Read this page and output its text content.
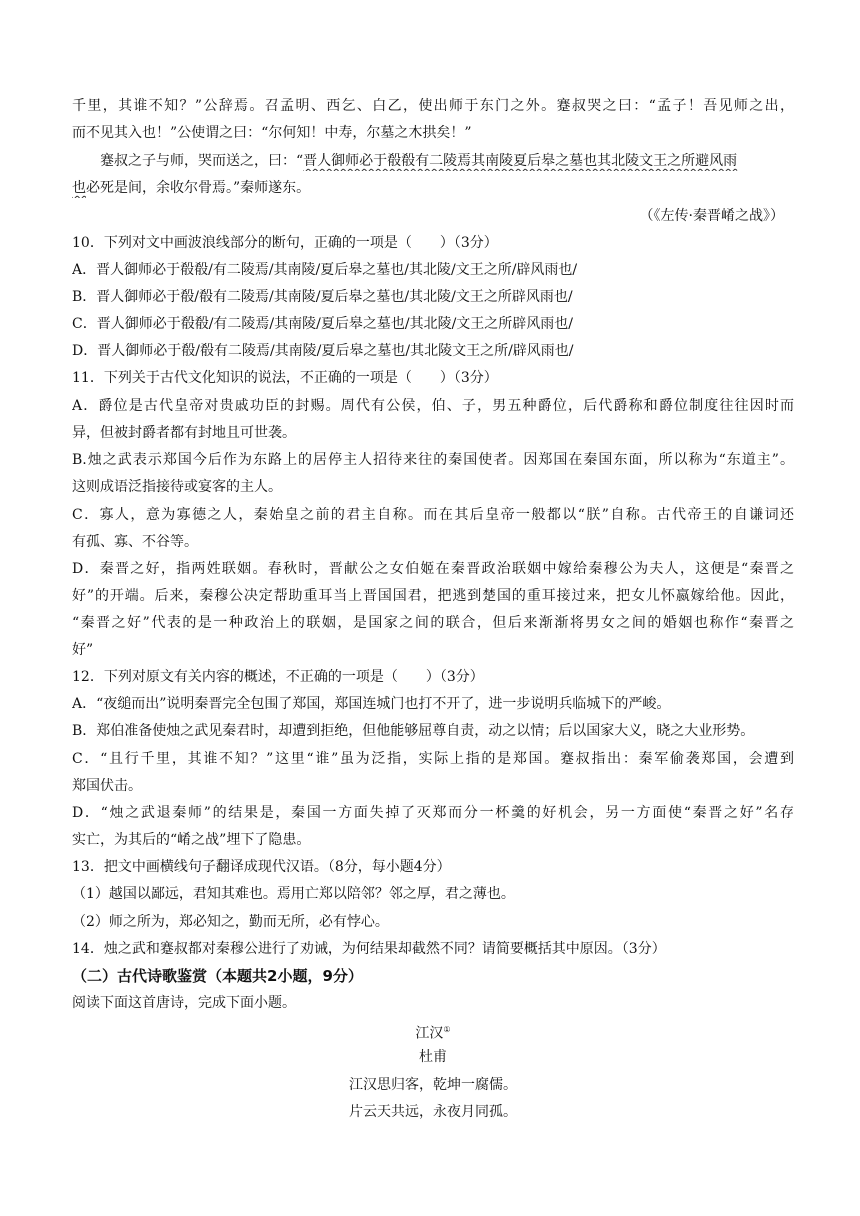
千里，其谁不知？”公辞焉。召孟明、西乞、白乙，使出师于东门之外。蹇叔哭之曰：“孟子！吾见师之出，
而不见其入也！”公使谓之曰：“尔何知！中寿，尔墓之木拱矣！”
蹇叔之子与师，哭而送之，曰：“晋人御师必于殽殽有二陵焉其南陵夏后皋之墓也其北陵文王之所避风雨
也必死是间，余收尔骨焉。”秦师遂东。
（《左传·秦晋崤之战》）
10．下列对文中画波浪线部分的断句，正确的一项是（　　）（3分）
A．晋人御师必于殽殽/有二陵焉/其南陵/夏后皋之墓也/其北陵/文王之所/辟风雨也/
B．晋人御师必于殽/殽有二陵焉/其南陵/夏后皋之墓也/其北陵/文王之所辟风雨也/
C．晋人御师必于殽殽/有二陵焉/其南陵/夏后皋之墓也/其北陵/文王之所辟风雨也/
D．晋人御师必于殽/殽有二陵焉/其南陵/夏后皋之墓也/其北陵文王之所/辟风雨也/
11．下列关于古代文化知识的说法，不正确的一项是（　　）（3分）
A．爵位是古代皇帝对贵戚功臣的封赐。周代有公侯，伯、子，男五种爵位，后代爵称和爵位制度往往因时而
异，但被封爵者都有封地且可世袭。
B.烛之武表示郑国今后作为东路上的居停主人招待来往的秦国使者。因郑国在秦国东面，所以称为“东道主”。
这则成语泛指接待或宴客的主人。
C．寡人，意为寡德之人，秦始皇之前的君主自称。而在其后皇帝一般都以“朕”自称。古代帝王的自谦词还
有孤、寡、不谷等。
D．秦晋之好，指两姓联姻。春秋时，晋献公之女伯姬在秦晋政治联姻中嫁给秦穆公为夫人，这便是“秦晋之
好”的开端。后来，秦穆公决定帮助重耳当上晋国国君，把逃到楚国的重耳接过来，把女儿怀嬴嫁给他。因此，
“秦晋之好”代表的是一种政治上的联姻，是国家之间的联合，但后来渐渐将男女之间的婚姻也称作“秦晋之
好”
12．下列对原文有关内容的概述，不正确的一项是（　　）（3分）
A．“夜缒而出”说明秦晋完全包围了郑国，郑国连城门也打不开了，进一步说明兵临城下的严峻。
B．郑伯准备使烛之武见秦君时，却遭到拒绝，但他能够屈尊自责，动之以情；后以国家大义，晓之大业形势。
C．“且行千里，其谁不知？”这里“谁”虽为泛指，实际上指的是郑国。蹇叔指出：秦军偷袭郑国，会遭到
郑国伏击。
D．“烛之武退秦师”的结果是，秦国一方面失掉了灭郑而分一杯羹的好机会，另一方面使“秦晋之好”名存
实亡，为其后的“崤之战”埋下了隐患。
13．把文中画横线句子翻译成现代汉语。（8分，每小题4分）
（1）越国以鄙远，君知其难也。焉用亡郑以陪邻？邻之厚，君之薄也。
（2）师之所为，郑必知之，勤而无所，必有悖心。
14．烛之武和蹇叔都对秦穆公进行了劝诫，为何结果却截然不同？请简要概括其中原因。（3分）
（二）古代诗歌鉴赏（本题共2小题，9分）
阅读下面这首唐诗，完成下面小题。
江汉①
杜甫
江汉思归客，乾坤一腐儒。
片云天共远，永夜月同孤。
